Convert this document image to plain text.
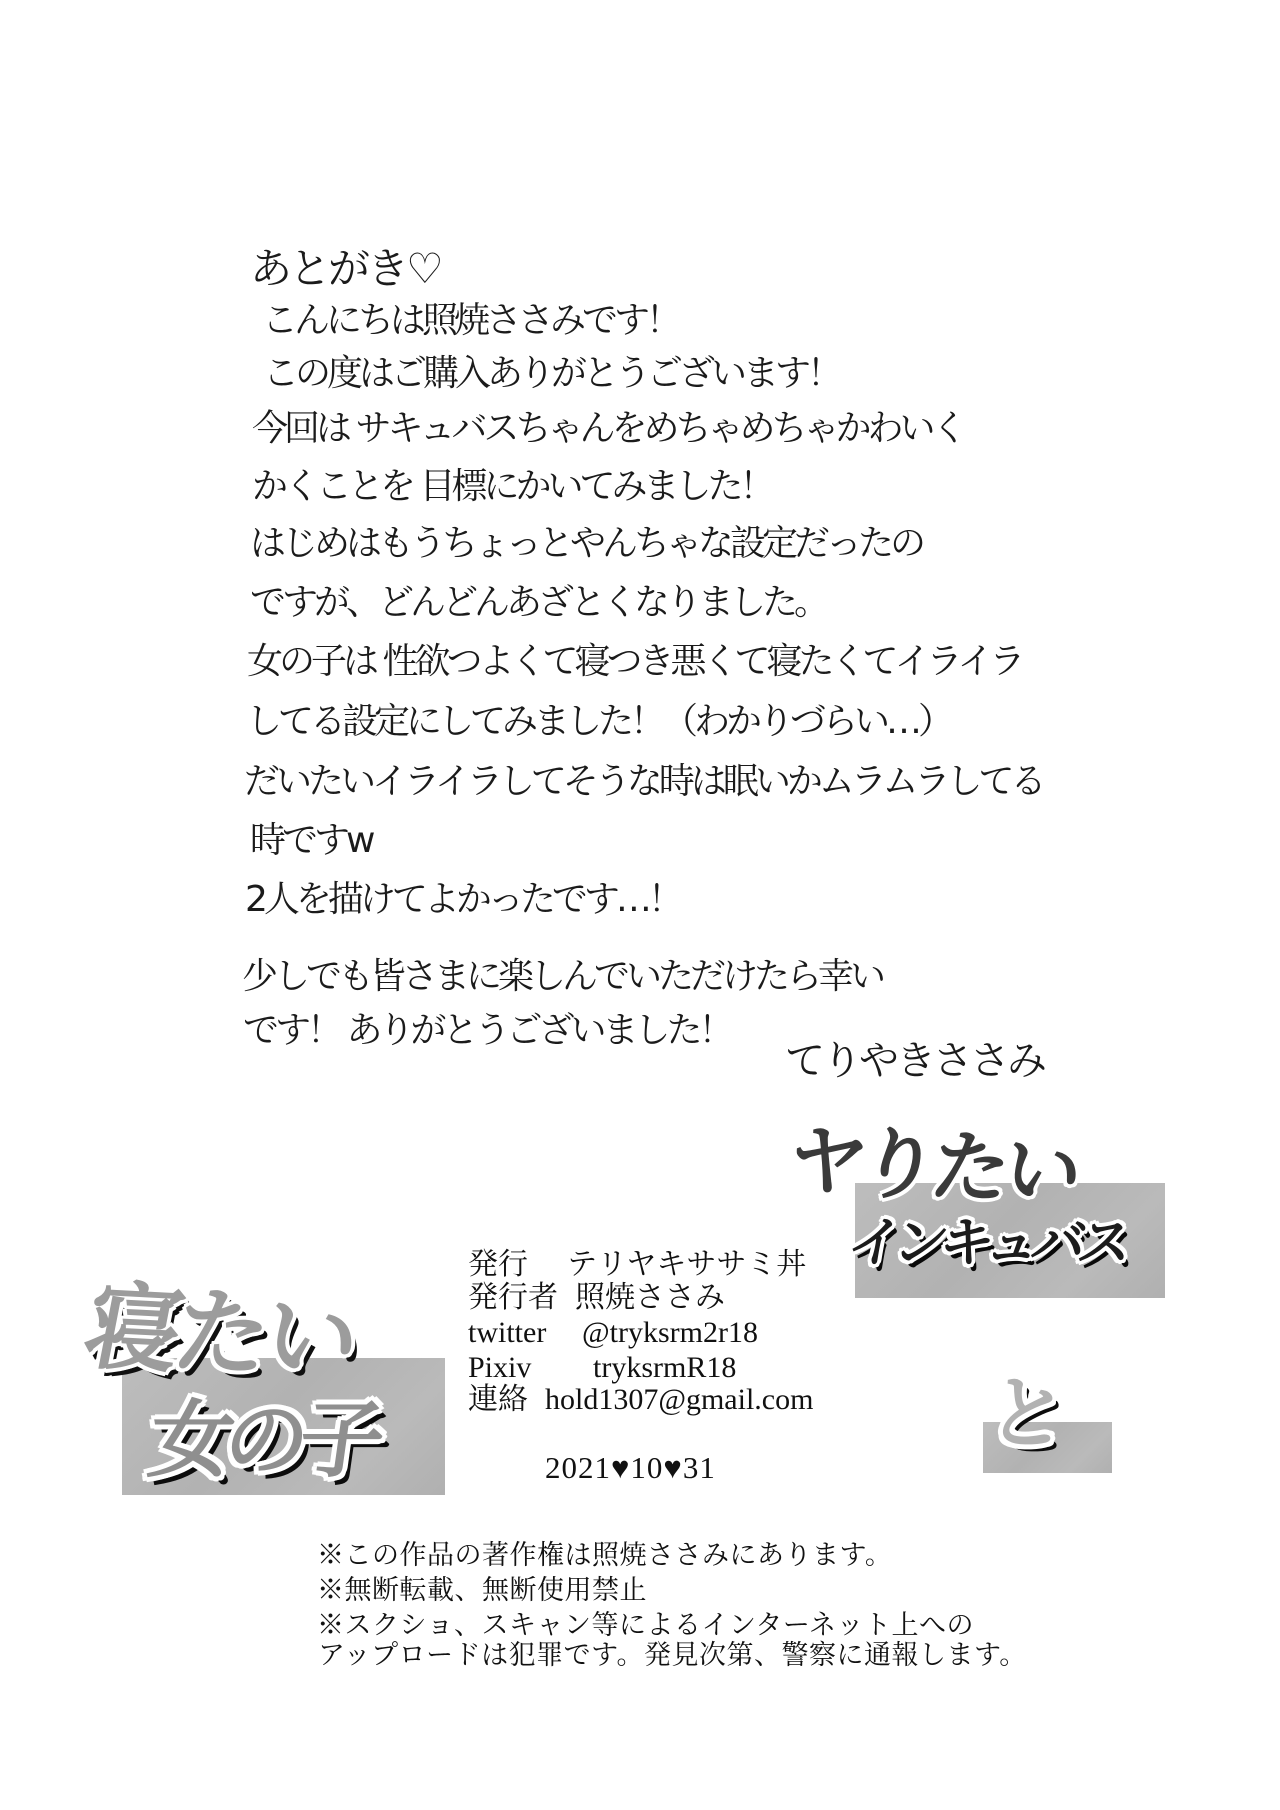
あとがき♡
こんにちは照焼ささみです！
この度はご購入ありがとうございます！
今回は サキュバスちゃんをめちゃめちゃかわいく
かくことを 目標にかいてみました！
はじめはもうちょっとやんちゃな設定だったの
ですが、どんどんあざとくなりました。
女の子は 性欲つよくて寝つき悪くて寝たくてイライラ
してる設定にしてみました！（わかりづらい…）
だいたいイライラしてそうな時は眠いかムラムラしてる
時ですw
2人を描けてよかったです…！
少しでも皆さまに楽しんでいただけたら幸い
です！ ありがとうございました！
てりやきささみ
ヤりたい
インキュバス
発行 テリヤキササミ丼
発行者 照焼ささみ
twitter @tryksrm2r18
Pixiv tryksrmR18
連絡 hold1307@gmail.com
2021♥10♥31
寝たい
女の子	と
※この作品の著作権は照焼ささみにあります。
※無断転載、無断使用禁止
※スクショ、スキャン等によるインターネット上への
アップロードは犯罪です。発見次第、警察に通報します。
